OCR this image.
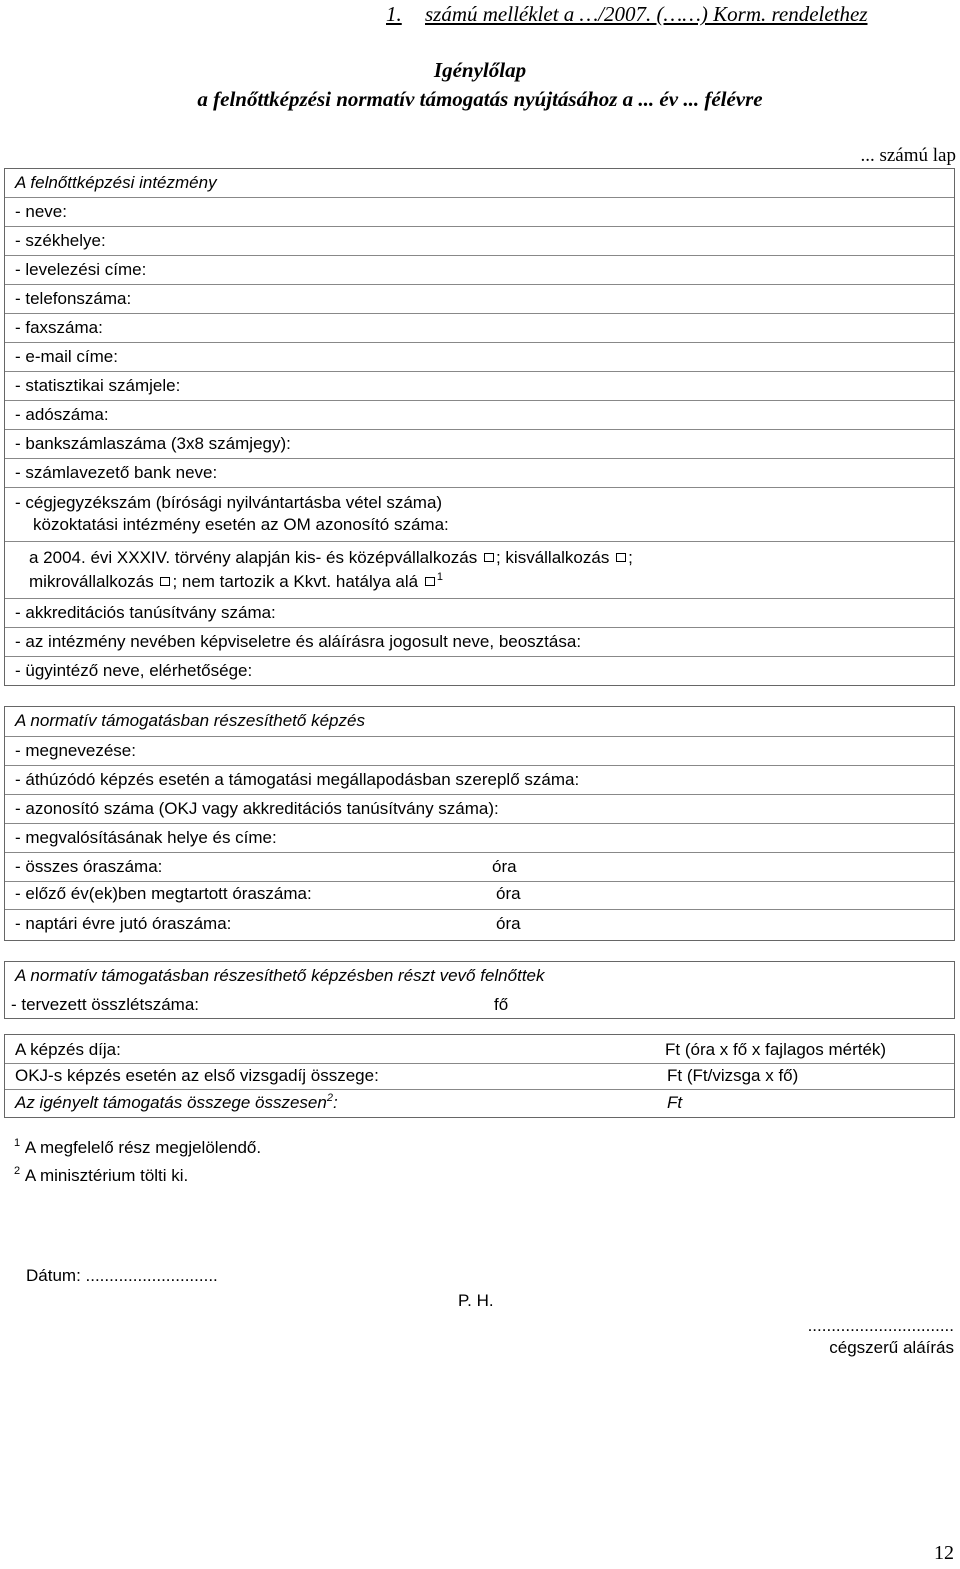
1. számú melléklet a …/2007. (……) Korm. rendelethez
Igénylőlap
a felnőttképzési normatív támogatás nyújtásához a ... év ... félévre
... számú lap
A felnőttképzési intézmény
- neve:
- székhelye:
- levelezési címe:
- telefonszáma:
- faxszáma:
- e-mail címe:
- statisztikai számjele:
- adószáma:
- bankszámlaszáma (3x8 számjegy):
- számlavezető bank neve:
- cégjegyzékszám (bírósági nyilvántartásba vétel száma)
közoktatási intézmény esetén az OM azonosító száma:
a 2004. évi XXXIV. törvény alapján kis- és középvállalkozás ; kisvállalkozás ;
mikrovállalkozás ; nem tartozik a Kkvt. hatálya alá $^1$
- akkreditációs tanúsítvány száma:
- az intézmény nevében képviseletre és aláírásra jogosult neve, beosztása:
- ügyintéző neve, elérhetősége:
A normatív támogatásban részesíthető képzés
- megnevezése:
- áthúzódó képzés esetén a támogatási megállapodásban szereplő száma:
- azonosító száma (OKJ vagy akkreditációs tanúsítvány száma):
- megvalósításának helye és címe:
- összes óraszáma:	óra
- előző év(ek)ben megtartott óraszáma:	óra
- naptári évre jutó óraszáma:	óra
A normatív támogatásban részesíthető képzésben részt vevő felnőttek
- tervezett összlétszáma:	fő
A képzés díja:	Ft (óra x fő x fajlagos mérték)
OKJ-s képzés esetén az első vizsgadíj összege:	Ft (Ft/vizsga x fő)
Az igényelt támogatás összege összesen$^2$:	Ft
$^1$ A megfelelő rész megjelölendő.
$^2$ A minisztérium tölti ki.
Dátum: ............................
P. H.
...............................
cégszerű aláírás
12
